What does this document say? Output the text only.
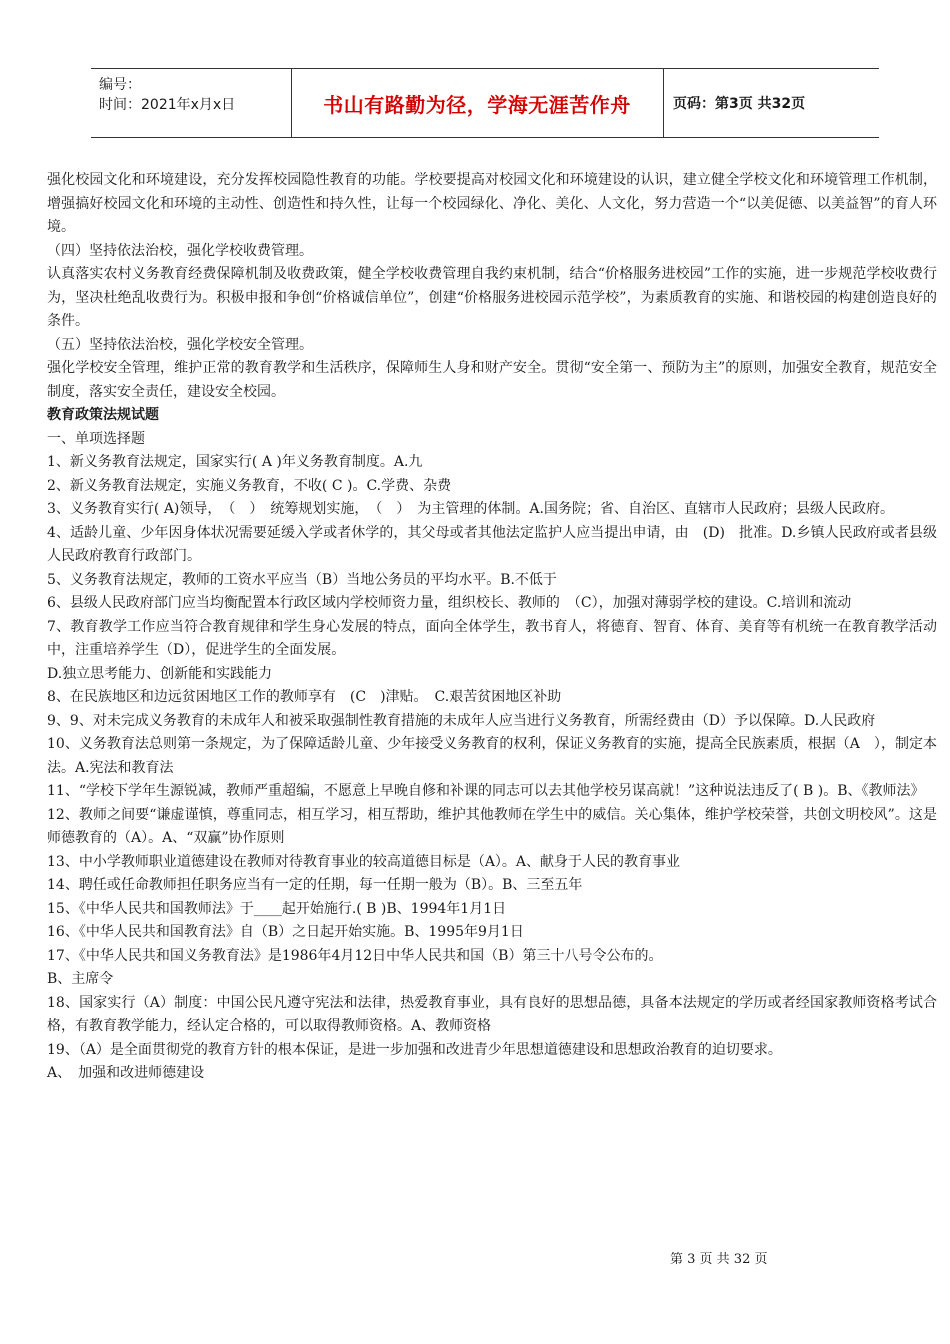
编号：
时间：2021年x月x日	书山有路勤为径，学海无涯苦作舟	页码：第3页 共32页

强化校园文化和环境建设，充分发挥校园隐性教育的功能。学校要提高对校园文化和环境建设的认识，建立健全学校文化和环境管理工作机制，增强搞好校园文化和环境的主动性、创造性和持久性，让每一个校园绿化、净化、美化、人文化，努力营造一个“以美促德、以美益智”的育人环境。

（四）坚持依法治校，强化学校收费管理。

认真落实农村义务教育经费保障机制及收费政策，健全学校收费管理自我约束机制，结合“价格服务进校园”工作的实施，进一步规范学校收费行为，坚决杜绝乱收费行为。积极申报和争创“价格诚信单位”，创建“价格服务进校园示范学校”，为素质教育的实施、和谐校园的构建创造良好的条件。

（五）坚持依法治校，强化学校安全管理。

强化学校安全管理，维护正常的教育教学和生活秩序，保障师生人身和财产安全。贯彻“安全第一、预防为主”的原则，加强安全教育，规范安全制度，落实安全责任，建设安全校园。

教育政策法规试题

一、单项选择题

1、新义务教育法规定，国家实行( A )年义务教育制度。A.九

2、新义务教育法规定，实施义务教育，不收( C )。C.学费、杂费

3、义务教育实行( A)领导，　（　）　统筹规划实施，　（　）　为主管理的体制。A.国务院；省、自治区、直辖市人民政府；县级人民政府。

4、适龄儿童、少年因身体状况需要延缓入学或者休学的，其父母或者其他法定监护人应当提出申请，由　(D)　批准。D.乡镇人民政府或者县级人民政府教育行政部门。

5、义务教育法规定，教师的工资水平应当（B）当地公务员的平均水平。B.不低于

6、县级人民政府部门应当均衡配置本行政区域内学校师资力量，组织校长、教师的　（C），加强对薄弱学校的建设。C.培训和流动

7、教育教学工作应当符合教育规律和学生身心发展的特点，面向全体学生，教书育人，将德育、智育、体育、美育等有机统一在教育教学活动中，注重培养学生（D），促进学生的全面发展。

D.独立思考能力、创新能和实践能力

8、在民族地区和边远贫困地区工作的教师享有　(C　)津贴。　C.艰苦贫困地区补助

9、9、对未完成义务教育的未成年人和被采取强制性教育措施的未成年人应当进行义务教育，所需经费由（D）予以保障。D.人民政府

10、义务教育法总则第一条规定，为了保障适龄儿童、少年接受义务教育的权利，保证义务教育的实施，提高全民族素质，根据（A　），制定本法。A.宪法和教育法

11、“学校下学年生源锐减，教师严重超编，不愿意上早晚自修和补课的同志可以去其他学校另谋高就！”这种说法违反了( B )。B、《教师法》

12、教师之间要“谦虚谨慎，尊重同志，相互学习，相互帮助，维护其他教师在学生中的威信。关心集体，维护学校荣誉，共创文明校风”。这是师德教育的（A）。A、“双赢”协作原则

13、中小学教师职业道德建设在教师对待教育事业的较高道德目标是（A）。A、献身于人民的教育事业

14、聘任或任命教师担任职务应当有一定的任期，每一任期一般为（B）。B、三至五年

15、《中华人民共和国教师法》于____起开始施行.( B )B、1994年1月1日

16、《中华人民共和国教育法》自（B）之日起开始实施。B、1995年9月1日

17、《中华人民共和国义务教育法》是1986年4月12日中华人民共和国（B）第三十八号令公布的。

B、主席令

18、国家实行（A）制度：中国公民凡遵守宪法和法律，热爱教育事业，具有良好的思想品德，具备本法规定的学历或者经国家教师资格考试合格，有教育教学能力，经认定合格的，可以取得教师资格。A、教师资格

19、（A）是全面贯彻党的教育方针的根本保证，是进一步加强和改进青少年思想道德建设和思想政治教育的迫切要求。

A、　加强和改进师德建设

第 3 页 共 32 页
